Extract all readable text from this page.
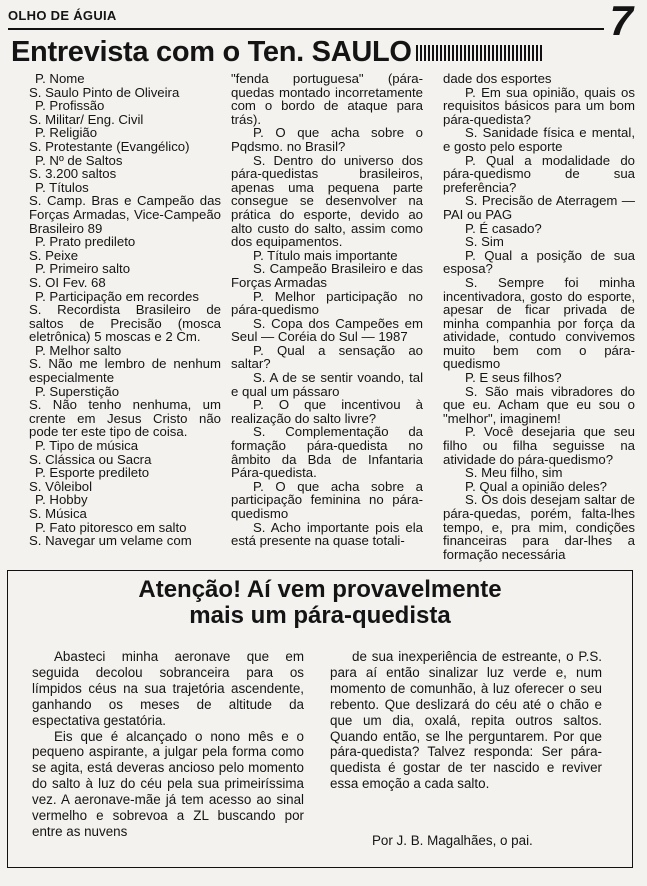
OLHO DE ÁGUIA	7
Entrevista com o Ten. SAULO

P. Nome

S. Saulo Pinto de Oliveira

P. Profissão

S. Militar/ Eng. Civil

P. Religião

S. Protestante (Evangélico)

P. Nº de Saltos

S. 3.200 saltos

P. Títulos

S. Camp. Bras e Campeão das Forças Armadas, Vice-Campeão Brasileiro 89

P. Prato predileto

S. Peixe

P. Primeiro salto

S. OI Fev. 68

P. Participação em recordes

S. Recordista Brasileiro de saltos de Precisão (mosca eletrônica) 5 moscas e 2 Cm.

P. Melhor salto

S. Não me lembro de nenhum especialmente

P. Superstição

S. Não tenho nenhuma, um crente em Jesus Cristo não pode ter este tipo de coisa.

P. Tipo de música

S. Clássica ou Sacra

P. Esporte predileto

S. Vôleibol

P. Hobby

S. Música

P. Fato pitoresco em salto

S. Navegar um velame com

"fenda portuguesa" (pára-quedas montado incorretamente com o bordo de ataque para trás).

P. O que acha sobre o Pqdsmo. no Brasil?

S. Dentro do universo dos pára-quedistas brasileiros, apenas uma pequena parte consegue se desenvolver na prática do esporte, devido ao alto custo do salto, assim como dos equipamentos.

P. Título mais importante

S. Campeão Brasileiro e das Forças Armadas

P. Melhor participação no pára-quedismo

S. Copa dos Campeões em Seul — Coréia do Sul — 1987

P. Qual a sensação ao saltar?

S. A de se sentir voando, tal e qual um pássaro

P. O que incentivou à realização do salto livre?

S. Complementação da formação pára-quedista no âmbito da Bda de Infantaria Pára-quedista.

P. O que acha sobre a participação feminina no pára-quedismo

S. Acho importante pois ela está presente na quase totali-

dade dos esportes

P. Em sua opinião, quais os requisitos básicos para um bom pára-quedista?

S. Sanidade física e mental, e gosto pelo esporte

P. Qual a modalidade do pára-quedismo de sua preferência?

S. Precisão de Aterragem — PAI ou PAG

P. É casado?

S. Sim

P. Qual a posição de sua esposa?

S. Sempre foi minha incentivadora, gosto do esporte, apesar de ficar privada de minha companhia por força da atividade, contudo convivemos muito bem com o pára-quedismo

P. E seus filhos?

S. São mais vibradores do que eu. Acham que eu sou o "melhor", imaginem!

P. Você desejaria que seu filho ou filha seguisse na atividade do pára-quedismo?

S. Meu filho, sim

P. Qual a opinião deles?

S. Os dois desejam saltar de pára-quedas, porém, falta-lhes tempo, e, pra mim, condições financeiras para dar-lhes a formação necessária

Atenção! Aí vem provavelmente
mais um pára-quedista

Abasteci minha aeronave que em seguida decolou sobranceira para os límpidos céus na sua trajetória ascendente, ganhando os meses de altitude da espectativa gestatória.

Eis que é alcançado o nono mês e o pequeno aspirante, a julgar pela forma como se agita, está deveras ancioso pelo momento do salto à luz do céu pela sua primeiríssima vez. A aeronave-mãe já tem acesso ao sinal vermelho e sobrevoa a ZL buscando por entre as nuvens

de sua inexperiência de estreante, o P.S. para aí então sinalizar luz verde e, num momento de comunhão, à luz oferecer o seu rebento. Que deslizará do céu até o chão e que um dia, oxalá, repita outros saltos. Quando então, se lhe perguntarem. Por que pára-quedista? Talvez responda: Ser pára-quedista é gostar de ter nascido e reviver essa emoção a cada salto.

Por J. B. Magalhães, o pai.
